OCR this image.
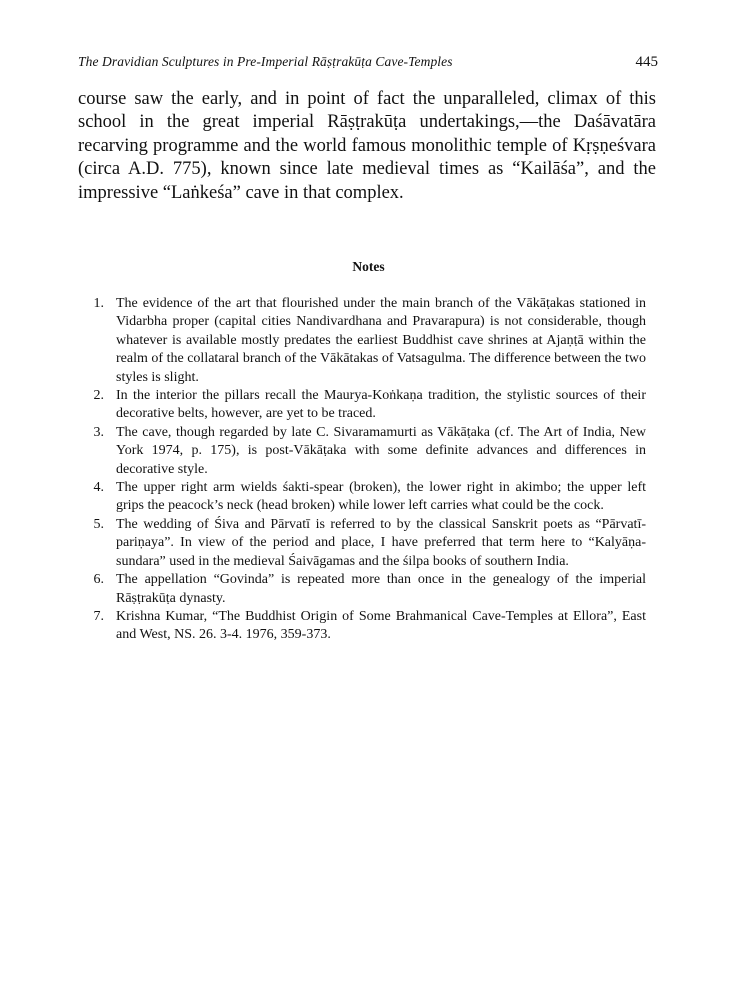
The Dravidian Sculptures in Pre-Imperial Rāṣṭrakūṭa Cave-Temples	445

course saw the early, and in point of fact the unparalleled, climax of this school in the great imperial Rāṣṭrakūṭa undertakings,—the Daśāvatāra recarving programme and the world famous monolithic temple of Kṛṣṇeśvara (circa A.D. 775), known since late medieval times as “Kailāśa”, and the impressive “Laṅkeśa” cave in that complex.

Notes
1. The evidence of the art that flourished under the main branch of the Vākāṭakas stationed in Vidarbha proper (capital cities Nandivardhana and Pravarapura) is not considerable, though whatever is available mostly predates the earliest Buddhist cave shrines at Ajaṇṭā within the realm of the collataral branch of the Vākātakas of Vatsagulma. The difference between the two styles is slight.
2. In the interior the pillars recall the Maurya-Koṅkaṇa tradition, the stylistic sources of their decorative belts, however, are yet to be traced.
3. The cave, though regarded by late C. Sivaramamurti as Vākāṭaka (cf. The Art of India, New York 1974, p. 175), is post-Vākāṭaka with some definite advances and differences in decorative style.
4. The upper right arm wields śakti-spear (broken), the lower right in akimbo; the upper left grips the peacock’s neck (head broken) while lower left carries what could be the cock.
5. The wedding of Śiva and Pārvatī is referred to by the classical Sanskrit poets as “Pārvatī-pariṇaya”. In view of the period and place, I have preferred that term here to “Kalyāṇa-sundara” used in the medieval Śaivāgamas and the śilpa books of southern India.
6. The appellation “Govinda” is repeated more than once in the genealogy of the imperial Rāṣṭrakūṭa dynasty.
7. Krishna Kumar, “The Buddhist Origin of Some Brahmanical Cave-Temples at Ellora”, East and West, NS. 26. 3-4. 1976, 359-373.
